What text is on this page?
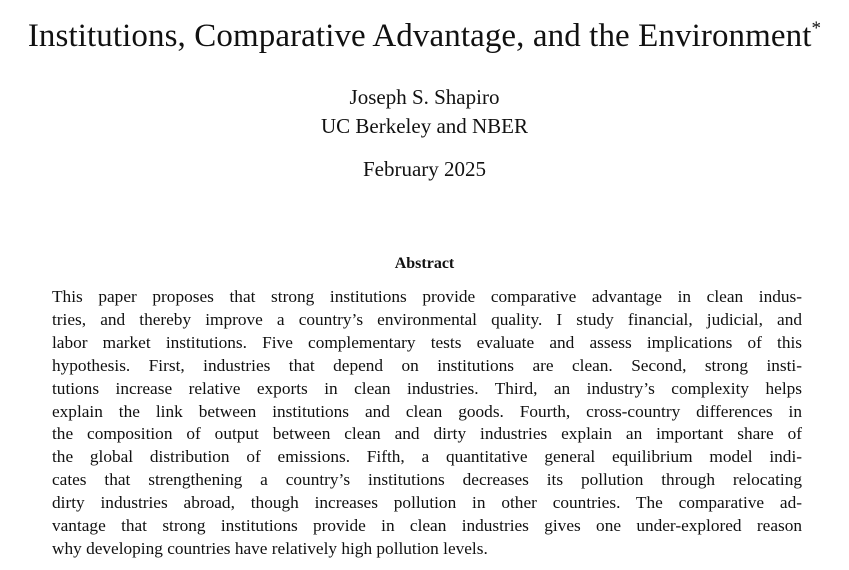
Institutions, Comparative Advantage, and the Environment*
Joseph S. Shapiro
UC Berkeley and NBER
February 2025
Abstract
This paper proposes that strong institutions provide comparative advantage in clean indus-
tries, and thereby improve a country’s environmental quality. I study financial, judicial, and
labor market institutions. Five complementary tests evaluate and assess implications of this
hypothesis. First, industries that depend on institutions are clean. Second, strong insti-
tutions increase relative exports in clean industries. Third, an industry’s complexity helps
explain the link between institutions and clean goods. Fourth, cross-country differences in
the composition of output between clean and dirty industries explain an important share of
the global distribution of emissions. Fifth, a quantitative general equilibrium model indi-
cates that strengthening a country’s institutions decreases its pollution through relocating
dirty industries abroad, though increases pollution in other countries. The comparative ad-
vantage that strong institutions provide in clean industries gives one under-explored reason
why developing countries have relatively high pollution levels.
